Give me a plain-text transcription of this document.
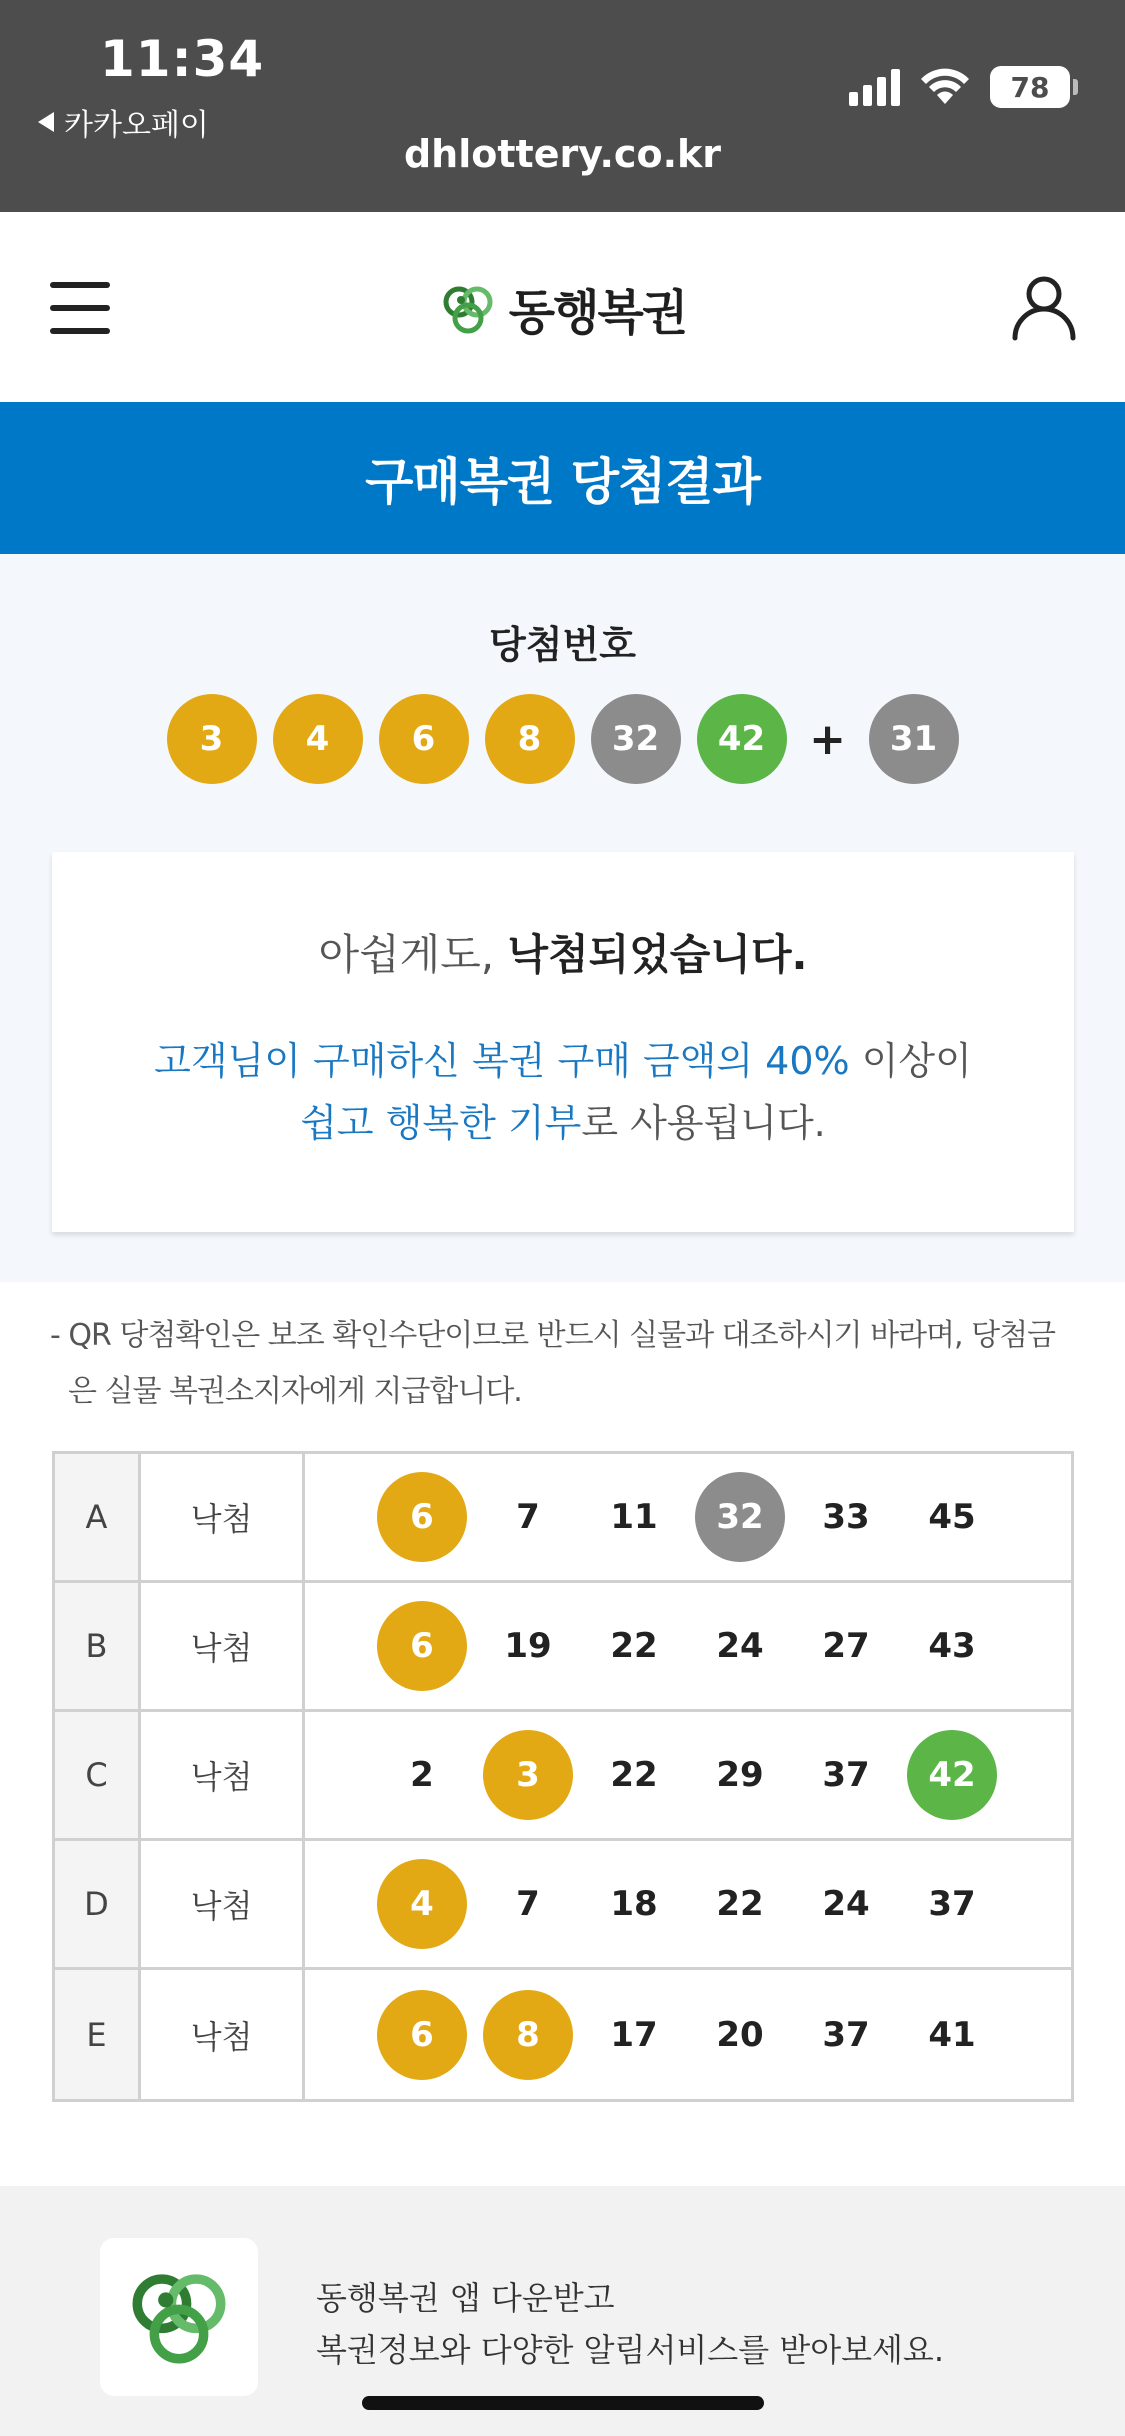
11:34
카카오페이
dhlottery.co.kr
78
동행복권
구매복권 당첨결과
당첨번호
3	4	6	8	32	42 +	31
아쉽게도, 낙첨되었습니다.
고객님이 구매하신 복권 구매 금액의 40% 이상이
쉽고 행복한 기부로 사용됩니다.
- QR 당첨확인은 보조 확인수단이므로 반드시 실물과 대조하시기 바라며, 당첨금
은 실물 복권소지자에게 지급합니다.
A	낙첨	6	7	11	32	33	45
B	낙첨	6	19	22	24	27	43
C	낙첨	2	3	22	29	37	42
D	낙첨	4	7	18	22	24	37
E	낙첨	6	8	17	20	37	41
동행복권 앱 다운받고
복권정보와 다양한 알림서비스를 받아보세요.
